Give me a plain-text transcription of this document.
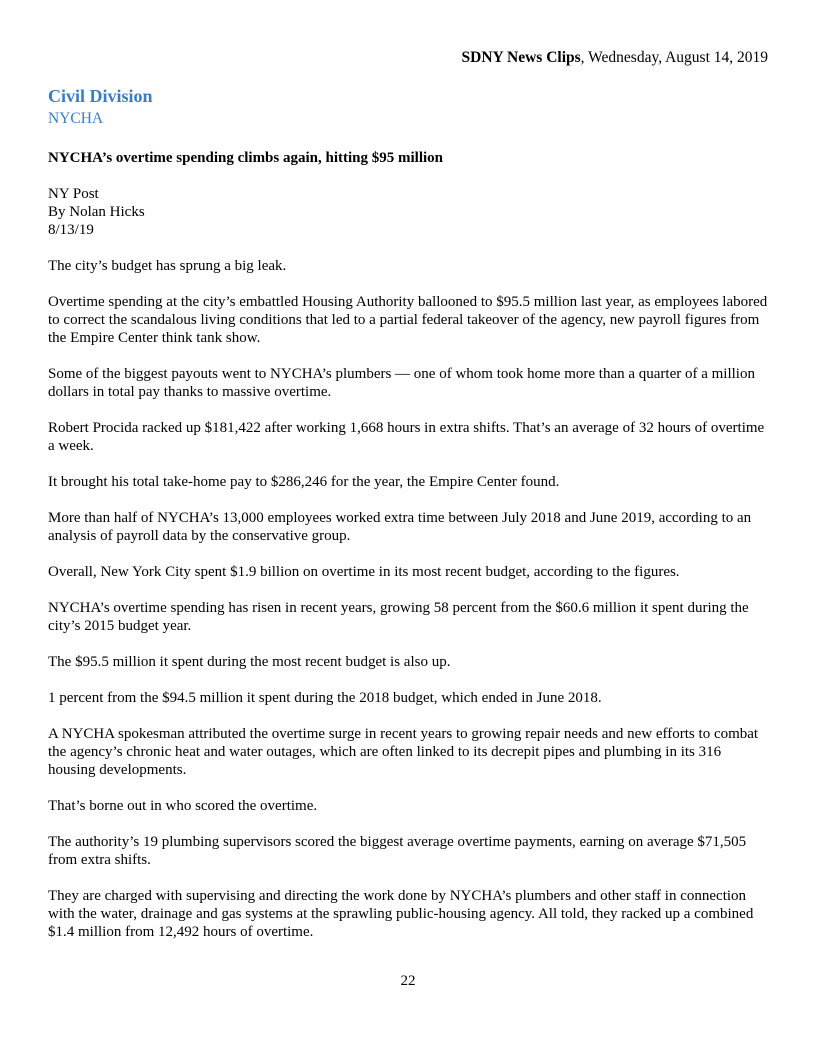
SDNY News Clips, Wednesday, August 14, 2019
Civil Division
NYCHA
NYCHA’s overtime spending climbs again, hitting $95 million
NY Post
By Nolan Hicks
8/13/19

The city’s budget has sprung a big leak.

Overtime spending at the city’s embattled Housing Authority ballooned to $95.5 million last year, as employees labored to correct the scandalous living conditions that led to a partial federal takeover of the agency, new payroll figures from the Empire Center think tank show.

Some of the biggest payouts went to NYCHA’s plumbers — one of whom took home more than a quarter of a million dollars in total pay thanks to massive overtime.

Robert Procida racked up $181,422 after working 1,668 hours in extra shifts. That’s an average of 32 hours of overtime a week.

It brought his total take-home pay to $286,246 for the year, the Empire Center found.

More than half of NYCHA’s 13,000 employees worked extra time between July 2018 and June 2019, according to an analysis of payroll data by the conservative group.

Overall, New York City spent $1.9 billion on overtime in its most recent budget, according to the figures.

NYCHA’s overtime spending has risen in recent years, growing 58 percent from the $60.6 million it spent during the city’s 2015 budget year.

The $95.5 million it spent during the most recent budget is also up.

1 percent from the $94.5 million it spent during the 2018 budget, which ended in June 2018.

A NYCHA spokesman attributed the overtime surge in recent years to growing repair needs and new efforts to combat the agency’s chronic heat and water outages, which are often linked to its decrepit pipes and plumbing in its 316 housing developments.

That’s borne out in who scored the overtime.

The authority’s 19 plumbing supervisors scored the biggest average overtime payments, earning on average $71,505 from extra shifts.

They are charged with supervising and directing the work done by NYCHA’s plumbers and other staff in connection with the water, drainage and gas systems at the sprawling public-housing agency. All told, they racked up a combined $1.4 million from 12,492 hours of overtime.

22
